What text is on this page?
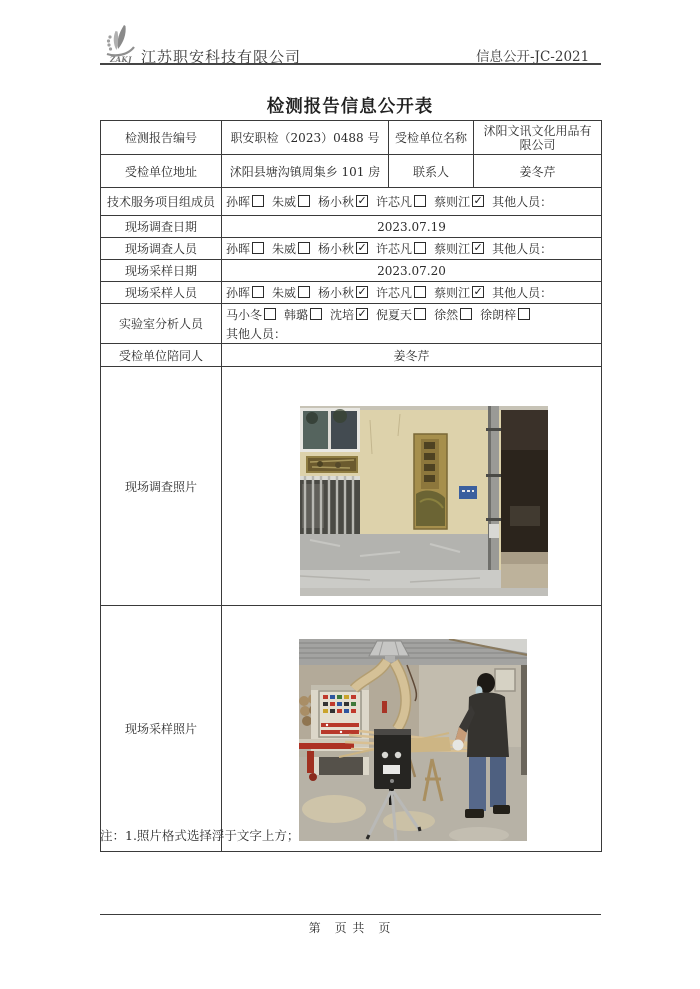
ZAKJ 江苏职安科技有限公司	信息公开-JC-2021
检测报告信息公开表
检测报告编号	职安职检（2023）0488 号	受检单位名称	沭阳文讯文化用品有限公司
受检单位地址	沭阳县塘沟镇周集乡 101 房	联系人	姜冬芹
技术服务项目组成员	孙晖 朱威 杨小秋 ✓ 许芯凡 蔡则江 ✓ 其他人员：		
现场调查日期	2023.07.19		
现场调查人员	孙晖 朱威 杨小秋 ✓ 许芯凡 蔡则江 ✓ 其他人员：		
现场采样日期	2023.07.20		
现场采样人员	孙晖 朱威 杨小秋 ✓ 许芯凡 蔡则江 ✓ 其他人员：		
实验室分析人员	马小冬 韩璐 沈培 ✓ 倪夏天 徐然 徐朗梓
其他人员：		

受检单位陪同人	姜冬芹		
现场调查照片	

现场采样照片	
注：1.照片格式选择浮于文字上方；
第　页 共　页
